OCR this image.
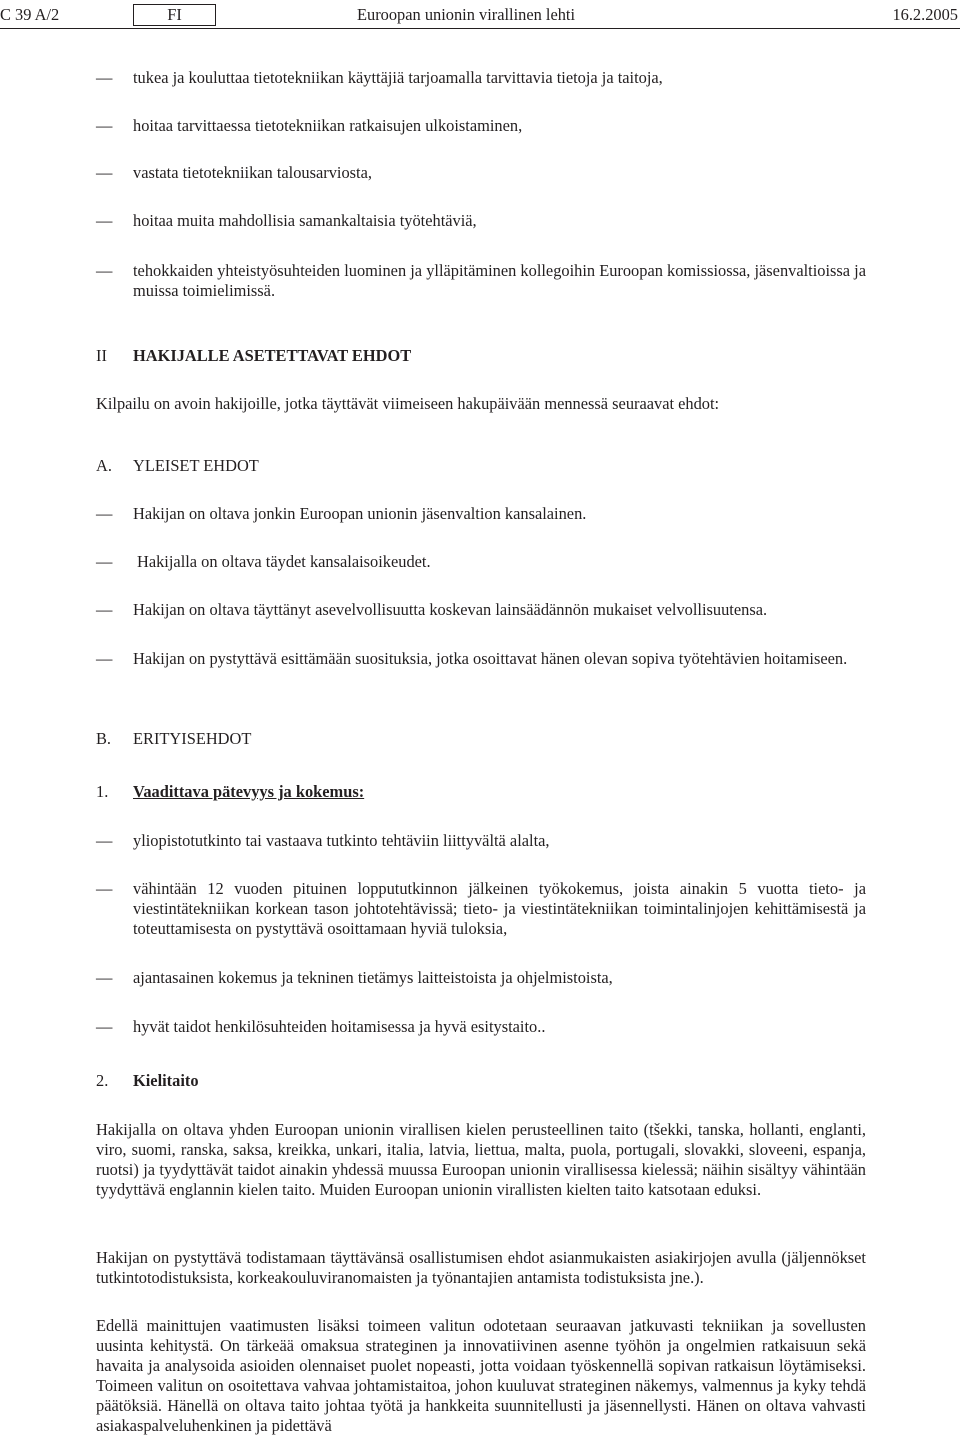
C 39 A/2	FI	Euroopan unionin virallinen lehti	16.2.2005
—	tukea ja kouluttaa tietotekniikan käyttäjiä tarjoamalla tarvittavia tietoja ja taitoja,
—	hoitaa tarvittaessa tietotekniikan ratkaisujen ulkoistaminen,
—	vastata tietotekniikan talousarviosta,
—	hoitaa muita mahdollisia samankaltaisia työtehtäviä,
—	tehokkaiden yhteistyösuhteiden luominen ja ylläpitäminen kollegoihin Euroopan komissiossa, jäsenvaltioissa ja muissa toimielimissä.
II HAKIJALLE ASETETTAVAT EHDOT
Kilpailu on avoin hakijoille, jotka täyttävät viimeiseen hakupäivään mennessä seuraavat ehdot:
A. YLEISET EHDOT
—	Hakijan on oltava jonkin Euroopan unionin jäsenvaltion kansalainen.
—	Hakijalla on oltava täydet kansalaisoikeudet.
—	Hakijan on oltava täyttänyt asevelvollisuutta koskevan lainsäädännön mukaiset velvollisuutensa.
—	Hakijan on pystyttävä esittämään suosituksia, jotka osoittavat hänen olevan sopiva työtehtävien hoitamiseen.
B. ERITYISEHDOT
1. Vaadittava pätevyys ja kokemus:
—	yliopistotutkinto tai vastaava tutkinto tehtäviin liittyvältä alalta,
—	vähintään 12 vuoden pituinen loppututkinnon jälkeinen työkokemus, joista ainakin 5 vuotta tieto- ja viestintätekniikan korkean tason johtotehtävissä; tieto- ja viestintätekniikan toimintalinjojen kehittämisestä ja toteuttamisesta on pystyttävä osoittamaan hyviä tuloksia,
—	ajantasainen kokemus ja tekninen tietämys laitteistoista ja ohjelmistoista,
—	hyvät taidot henkilösuhteiden hoitamisessa ja hyvä esitystaito..
2. Kielitaito
Hakijalla on oltava yhden Euroopan unionin virallisen kielen perusteellinen taito (tšekki, tanska, hollanti, englanti, viro, suomi, ranska, saksa, kreikka, unkari, italia, latvia, liettua, malta, puola, portugali, slovakki, sloveeni, espanja, ruotsi) ja tyydyttävät taidot ainakin yhdessä muussa Euroopan unionin virallisessa kielessä; näihin sisältyy vähintään tyydyttävä englannin kielen taito. Muiden Euroopan unionin virallisten kielten taito katsotaan eduksi.
Hakijan on pystyttävä todistamaan täyttävänsä osallistumisen ehdot asianmukaisten asiakirjojen avulla (jäljennökset tutkintotodistuksista, korkeakouluviranomaisten ja työnantajien antamista todistuksista jne.).
Edellä mainittujen vaatimusten lisäksi toimeen valitun odotetaan seuraavan jatkuvasti tekniikan ja sovellusten uusinta kehitystä. On tärkeää omaksua strateginen ja innovatiivinen asenne työhön ja ongelmien ratkaisuun sekä havaita ja analysoida asioiden olennaiset puolet nopeasti, jotta voidaan työskennellä sopivan ratkaisun löytämiseksi. Toimeen valitun on osoitettava vahvaa johtamistaitoa, johon kuuluvat strateginen näkemys, valmennus ja kyky tehdä päätöksiä. Hänellä on oltava taito johtaa työtä ja hankkeita suunnitellusti ja jäsennellysti. Hänen on oltava vahvasti asiakaspalveluhenkinen ja pidettävä
